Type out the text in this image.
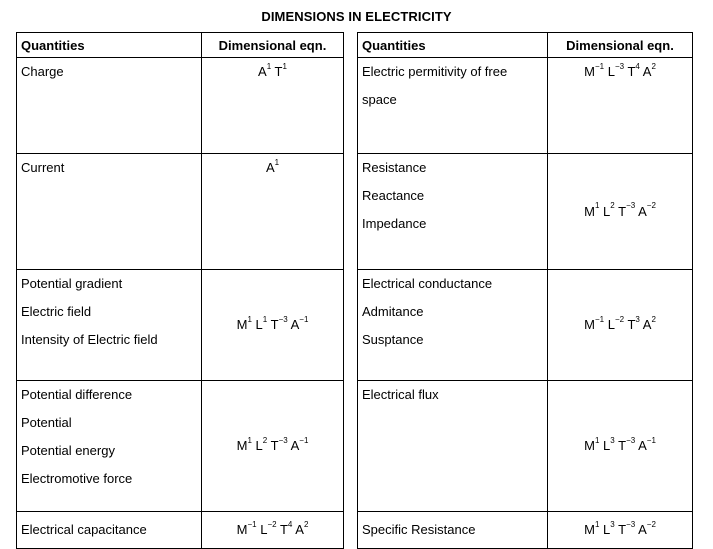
DIMENSIONS IN ELECTRICITY
Quantities	Dimensional eqn.

Charge	$A^1$ $T^1$

Current	$A^1$

Potential gradient
Electric field
Intensity of Electric field	$M^1$ $L^1$ $T^{-3}$ $A^{-1}$

Potential difference
Potential
Potential energy
Electromotive force	$M^1$ $L^2$ $T^{-3}$ $A^{-1}$

Electrical capacitance	$M^{-1}$ $L^{-2}$ $T^4$ $A^2$
Quantities	Dimensional eqn.

Electric permitivity of free
space	$M^{-1}$ $L^{-3}$ $T^4$ $A^2$

Resistance
Reactance
Impedance	$M^1$ $L^2$ $T^{-3}$ $A^{-2}$

Electrical conductance
Admitance
Susptance	$M^{-1}$ $L^{-2}$ $T^3$ $A^2$

Electrical flux	$M^1$ $L^3$ $T^{-3}$ $A^{-1}$

Specific Resistance	$M^1$ $L^3$ $T^{-3}$ $A^{-2}$
